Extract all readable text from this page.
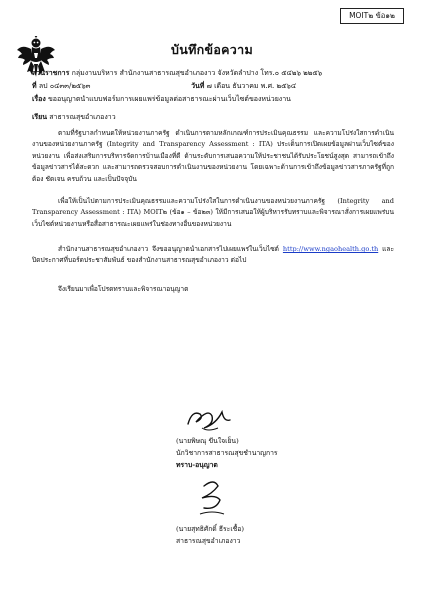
MOIT๒ ข้อ๑๒
บันทึกข้อความ
ส่วนราชการ กลุ่มงานบริหาร สำนักงานสาธารณสุขอำเภองาว จังหวัดลำปาง โทร.๐ ๕๔๒๖ ๒๒๕๖
ที่ ลป ๐๔๓๓/๒๕๖๓	วันที่ ๗ เดือน ธันวาคม พ.ศ. ๒๕๖๔
เรื่อง ขออนุญาตนำแบบฟอร์มการเผยแพร่ข้อมูลต่อสาธารณะผ่านเว็บไซต์ของหน่วยงาน
เรียน สาธารณสุขอำเภองาว
ตามที่รัฐบาลกำหนดให้หน่วยงานภาครัฐ ดำเนินการตามหลักเกณฑ์การประเมินคุณธรรม และความโปร่งใสการดำเนินงานของหน่วยงานภาครัฐ (Integrity and Transparency Assessment : ITA) ประเด็นการเปิดเผยข้อมูลผ่านเว็บไซต์ของหน่วยงาน เพื่อส่งเสริมการบริหารจัดการบ้านเมืองที่ดี ด้านระดับการเสนอความให้ประชาชนได้รับประโยชน์สูงสุด สามารถเข้าถึงข้อมูลข่าวสารได้สะดวก และสามารถตรวจสอบการดำเนินงานของหน่วยงาน โดยเฉพาะด้านการเข้าถึงข้อมูลข่าวสารภาครัฐที่ถูกต้อง ชัดเจน ครบถ้วน และเป็นปัจจุบัน
เพื่อให้เป็นไปตามการประเมินคุณธรรมและความโปร่งใสในการดำเนินงานของหน่วยงานภาครัฐ (Integrity and Transparency Assessment : ITA) MOIT๒ (ข้อ๑ – ข้อ๒๓) ให้มีการเสนอให้ผู้บริหารรับทราบและพิจารณาสั่งการเผยแพร่บนเว็บไซต์หน่วยงานหรือสื่อสาธารณะเผยแพร่ในช่องทางอื่นของหน่วยงาน
สำนักงานสาธารณสุขอำเภองาว จึงขออนุญาตนำเอกสารไปเผยแพร่ในเว็บไซต์ http://www.ngaohealth.go.th และปิดประกาศที่บอร์ดประชาสัมพันธ์ ของสำนักงานสาธารณสุขอำเภองาว ต่อไป
จึงเรียนมาเพื่อโปรดทราบและพิจารณาอนุญาต
(นายพิษณุ ขีนใจเย็น)
นักวิชาการสาธารณสุขชำนาญการ
ทราบ-อนุญาต
(นายสุทธิศักดิ์ ธีระเชื้อ)
สาธารณสุขอำเภองาว
